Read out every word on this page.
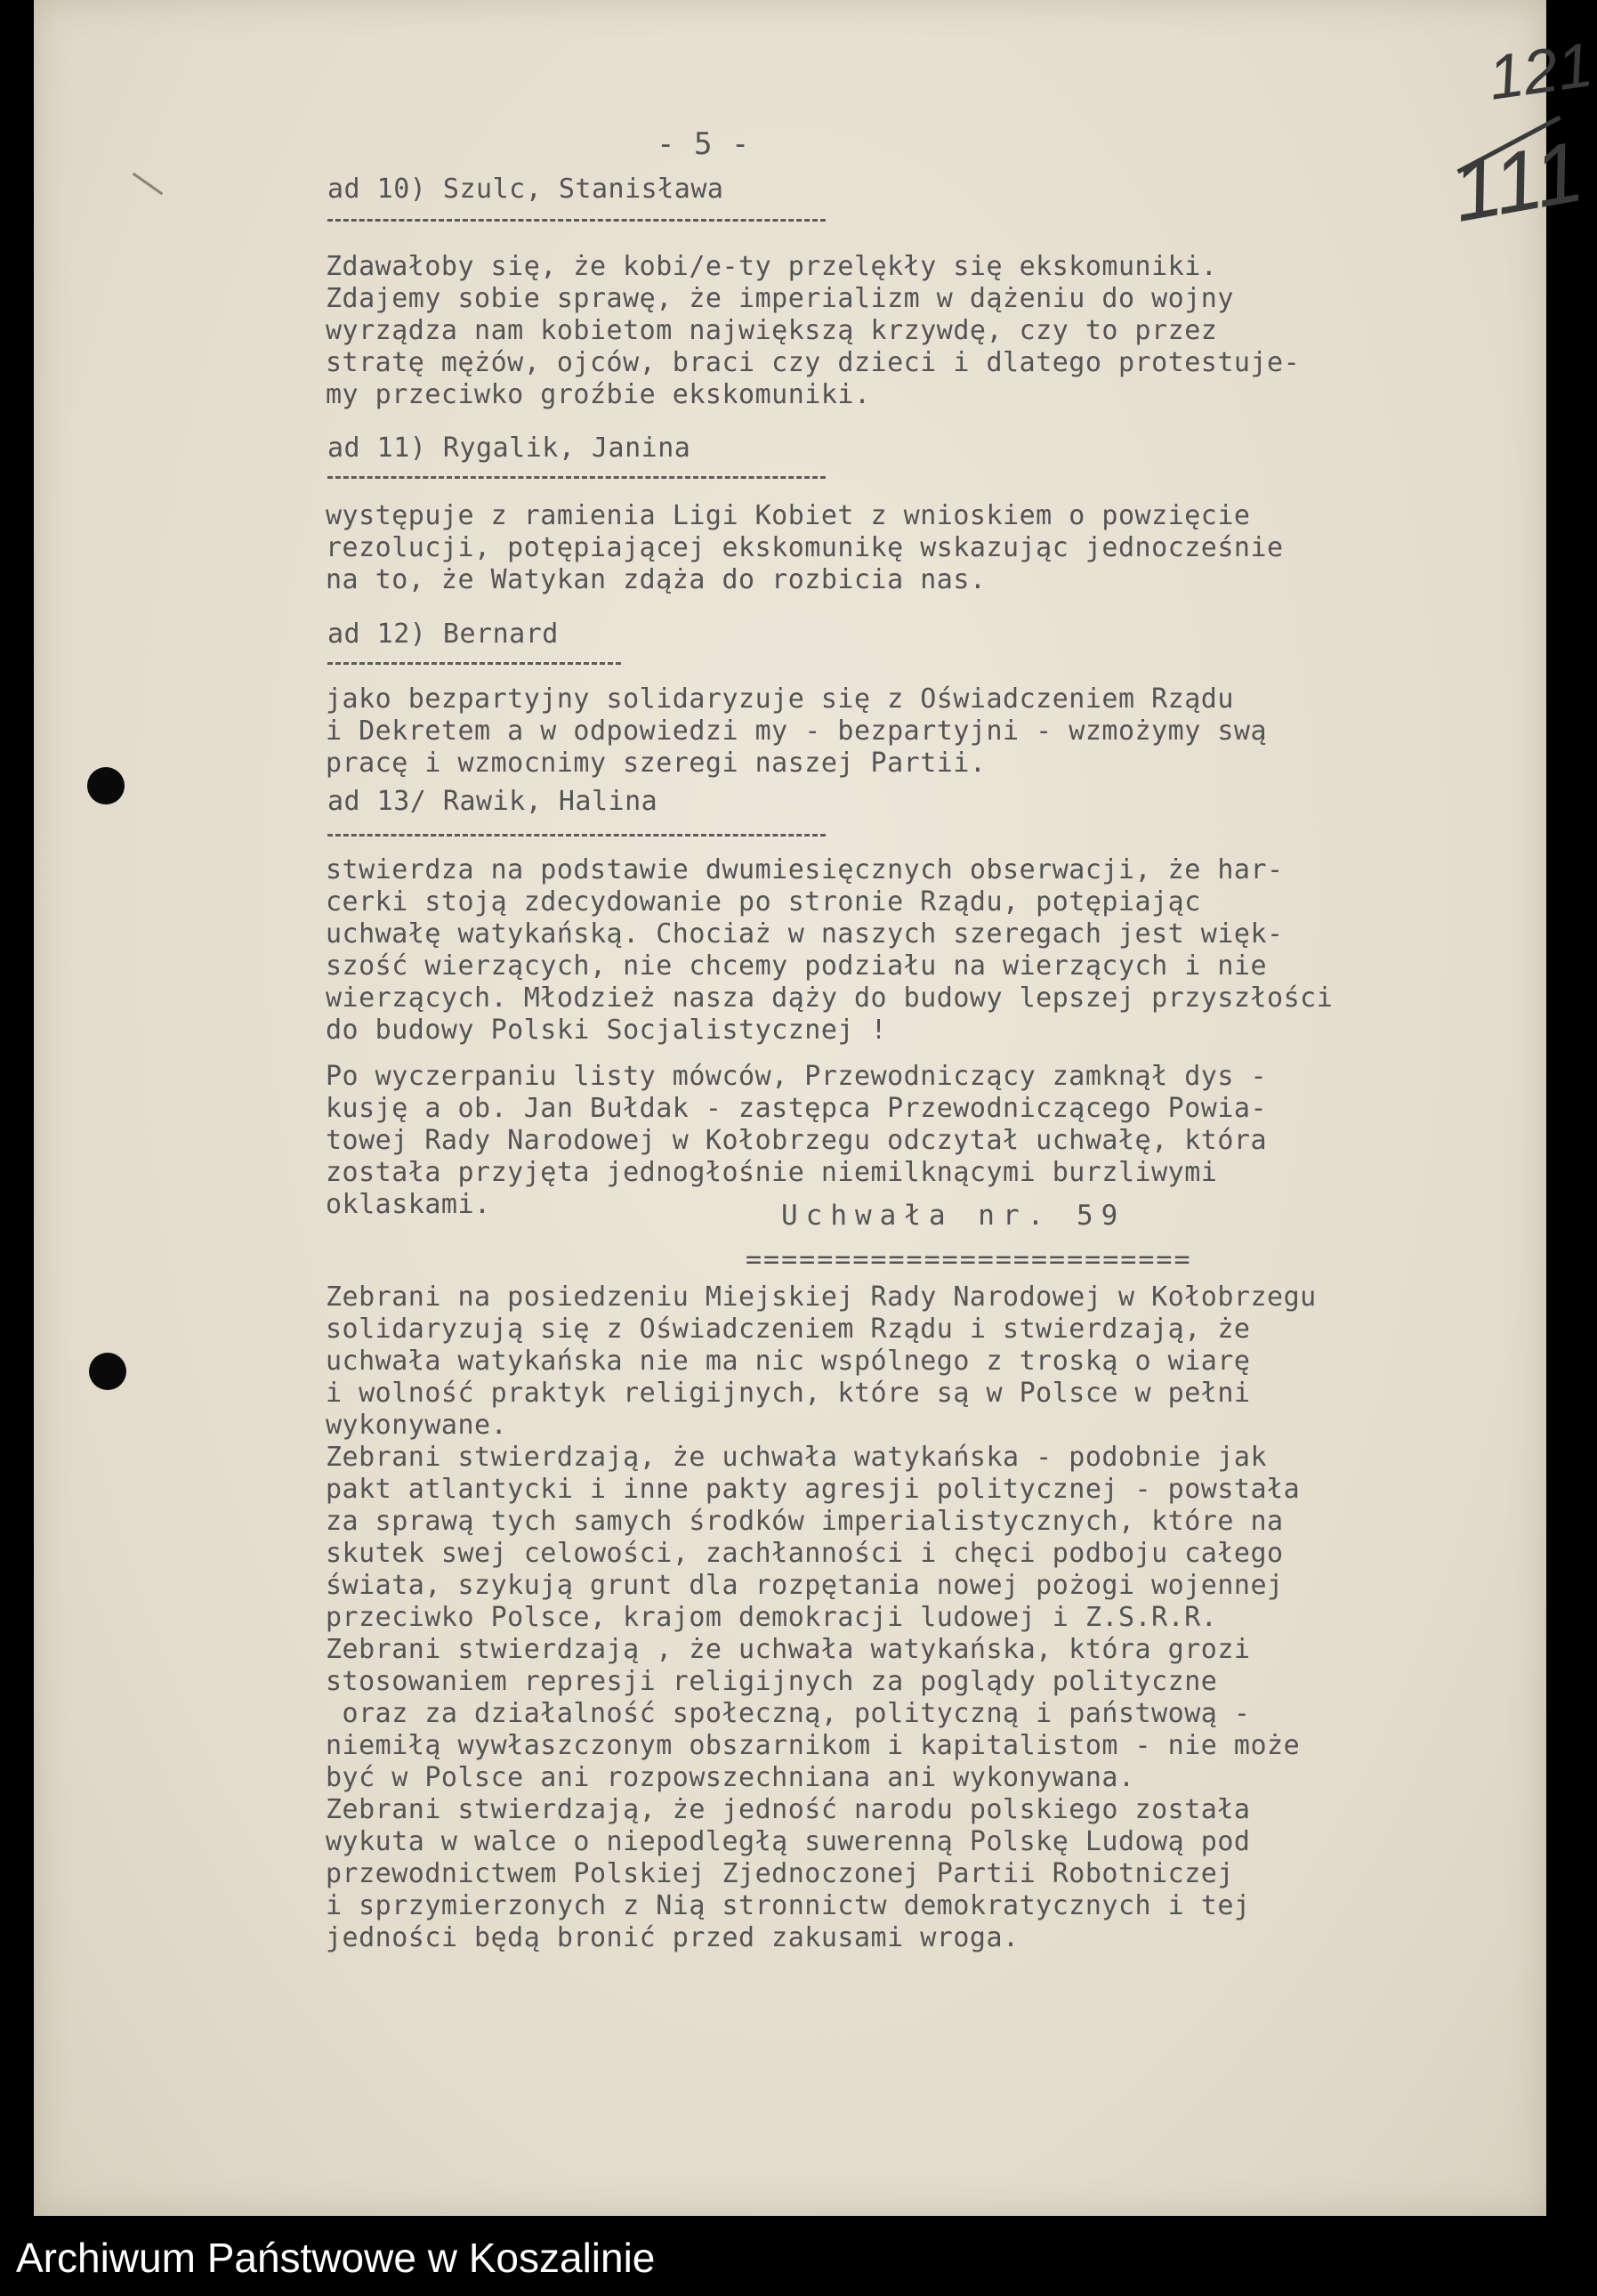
121
111
- 5 -
ad 10) Szulc, Stanisława
Zdawałoby się, że kobi/e-ty przelękły się ekskomuniki.
Zdajemy sobie sprawę, że imperializm w dążeniu do wojny
wyrządza nam kobietom największą krzywdę, czy to przez
stratę mężów, ojców, braci czy dzieci i dlatego protestuje-
my przeciwko groźbie ekskomuniki.
ad 11) Rygalik, Janina
występuje z ramienia Ligi Kobiet z wnioskiem o powzięcie
rezolucji, potępiającej ekskomunikę wskazując jednocześnie
na to, że Watykan zdąża do rozbicia nas.
ad 12) Bernard
jako bezpartyjny solidaryzuje się z Oświadczeniem Rządu
i Dekretem a w odpowiedzi my - bezpartyjni - wzmożymy swą
pracę i wzmocnimy szeregi naszej Partii.
ad 13/ Rawik, Halina
stwierdza na podstawie dwumiesięcznych obserwacji, że har-
cerki stoją zdecydowanie po stronie Rządu, potępiając
uchwałę watykańską. Chociaż w naszych szeregach jest więk-
szość wierzących, nie chcemy podziału na wierzących i nie
wierzących. Młodzież nasza dąży do budowy lepszej przyszłości
do budowy Polski Socjalistycznej !
Po wyczerpaniu listy mówców, Przewodniczący zamknął dys -
kusję a ob. Jan Bułdak - zastępca Przewodniczącego Powia-
towej Rady Narodowej w Kołobrzegu odczytał uchwałę, która
została przyjęta jednogłośnie niemilknącymi burzliwymi
oklaskami.	Uchwała nr. 59
=========================
Zebrani na posiedzeniu Miejskiej Rady Narodowej w Kołobrzegu
solidaryzują się z Oświadczeniem Rządu i stwierdzają, że
uchwała watykańska nie ma nic wspólnego z troską o wiarę
i wolność praktyk religijnych, które są w Polsce w pełni
wykonywane.
Zebrani stwierdzają, że uchwała watykańska - podobnie jak
pakt atlantycki i inne pakty agresji politycznej - powstała
za sprawą tych samych środków imperialistycznych, które na
skutek swej celowości, zachłanności i chęci podboju całego
świata, szykują grunt dla rozpętania nowej pożogi wojennej
przeciwko Polsce, krajom demokracji ludowej i Z.S.R.R.
Zebrani stwierdzają , że uchwała watykańska, która grozi
stosowaniem represji religijnych za poglądy polityczne
oraz za działalność społeczną, polityczną i państwową -
niemiłą wywłaszczonym obszarnikom i kapitalistom - nie może
być w Polsce ani rozpowszechniana ani wykonywana.
Zebrani stwierdzają, że jedność narodu polskiego została
wykuta w walce o niepodległą suwerenną Polskę Ludową pod
przewodnictwem Polskiej Zjednoczonej Partii Robotniczej
i sprzymierzonych z Nią stronnictw demokratycznych i tej
jedności będą bronić przed zakusami wroga.
Archiwum Państwowe w Koszalinie
